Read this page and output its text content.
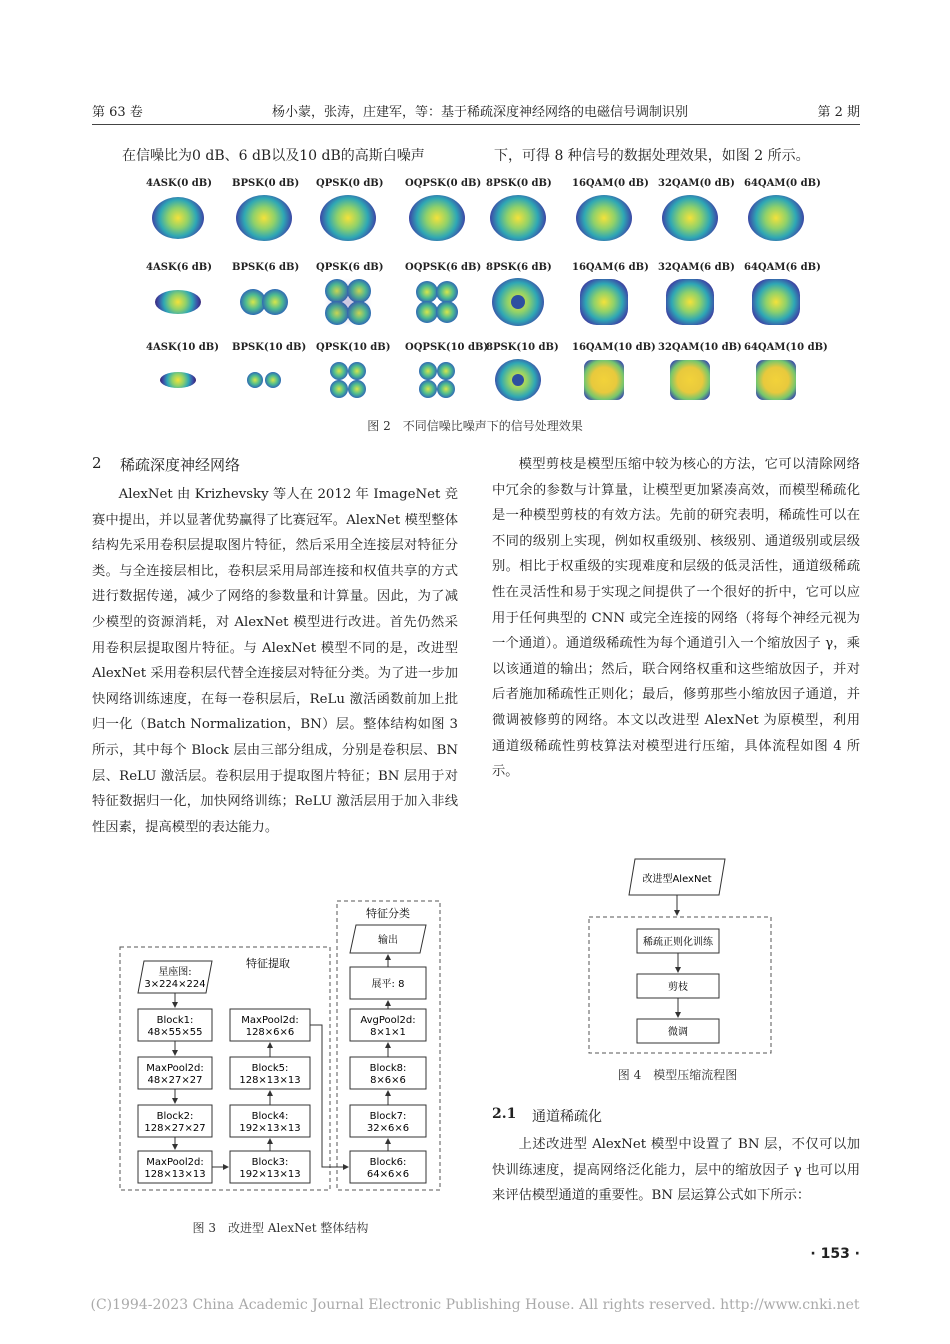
第 63 卷	杨小蒙，张涛，庄建军，等：基于稀疏深度神经网络的电磁信号调制识别	第 2 期
在信噪比为0 dB、6 dB以及10 dB的高斯白噪声	下，可得 8 种信号的数据处理效果，如图 2 所示。
4ASK(0 dB) BPSK(0 dB) QPSK(0 dB) OQPSK(0 dB) 8PSK(0 dB) 16QAM(0 dB) 32QAM(0 dB) 64QAM(0 dB)
4ASK(6 dB) BPSK(6 dB) QPSK(6 dB) OQPSK(6 dB) 8PSK(6 dB) 16QAM(6 dB) 32QAM(6 dB) 64QAM(6 dB)
4ASK(10 dB) BPSK(10 dB) QPSK(10 dB) OQPSK(10 dB)
8PSK(10 dB) 16QAM(10 dB) 32QAM(10 dB) 64QAM(10 dB)
图 2　不同信噪比噪声下的信号处理效果
2 稀疏深度神经网络

AlexNet 由 Krizhevsky 等人在 2012 年 ImageNet 竞赛中提出，并以显著优势赢得了比赛冠军。AlexNet 模型整体结构先采用卷积层提取图片特征，然后采用全连接层对特征分类。与全连接层相比，卷积层采用局部连接和权值共享的方式进行数据传递，减少了网络的参数量和计算量。因此，为了减少模型的资源消耗，对 AlexNet 模型进行改进。首先仍然采用卷积层提取图片特征。与 AlexNet 模型不同的是，改进型 AlexNet 采用卷积层代替全连接层对特征分类。为了进一步加快网络训练速度，在每一卷积层后，ReLu 激活函数前加上批归一化（Batch Normalization，BN）层。整体结构如图 3 所示，其中每个 Block 层由三部分组成，分别是卷积层、BN 层、ReLU 激活层。卷积层用于提取图片特征；BN 层用于对特征数据归一化，加快网络训练；ReLU 激活层用于加入非线性因素，提高模型的表达能力。

模型剪枝是模型压缩中较为核心的方法，它可以清除网络中冗余的参数与计算量，让模型更加紧凑高效，而模型稀疏化是一种模型剪枝的有效方法。先前的研究表明，稀疏性可以在不同的级别上实现，例如权重级别、核级别、通道级别或层级别。相比于权重级的实现难度和层级的低灵活性，通道级稀疏性在灵活性和易于实现之间提供了一个很好的折中，它可以应用于任何典型的 CNN 或完全连接的网络（将每个神经元视为一个通道）。通道级稀疏性为每个通道引入一个缩放因子 γ，乘以该通道的输出；然后，联合网络权重和这些缩放因子，并对后者施加稀疏性正则化；最后，修剪那些小缩放因子通道，并微调被修剪的网络。本文以改进型 AlexNet 为原模型，利用通道级稀疏性剪枝算法对模型进行压缩，具体流程如图 4 所示。

特征提取
特征分类
星座图:
3×224×224
Block1:
48×55×55
MaxPool2d:
48×27×27
Block2:
128×27×27
MaxPool2d:
128×13×13
MaxPool2d:
128×6×6
Block5:
128×13×13
Block4:
192×13×13
Block3:
192×13×13
输出
展平: 8
AvgPool2d:
8×1×1
Block8:
8×6×6
Block7:
32×6×6
Block6:
64×6×6
图 3　改进型 AlexNet 整体结构
改进型AlexNet
稀疏正则化训练
剪枝
微调
图 4　模型压缩流程图
2.1 通道稀疏化

上述改进型 AlexNet 模型中设置了 BN 层，不仅可以加快训练速度，提高网络泛化能力，层中的缩放因子 γ 也可以用来评估模型通道的重要性。BN 层运算公式如下所示：

· 153 ·
(C)1994-2023 China Academic Journal Electronic Publishing House. All rights reserved. http://www.cnki.net
